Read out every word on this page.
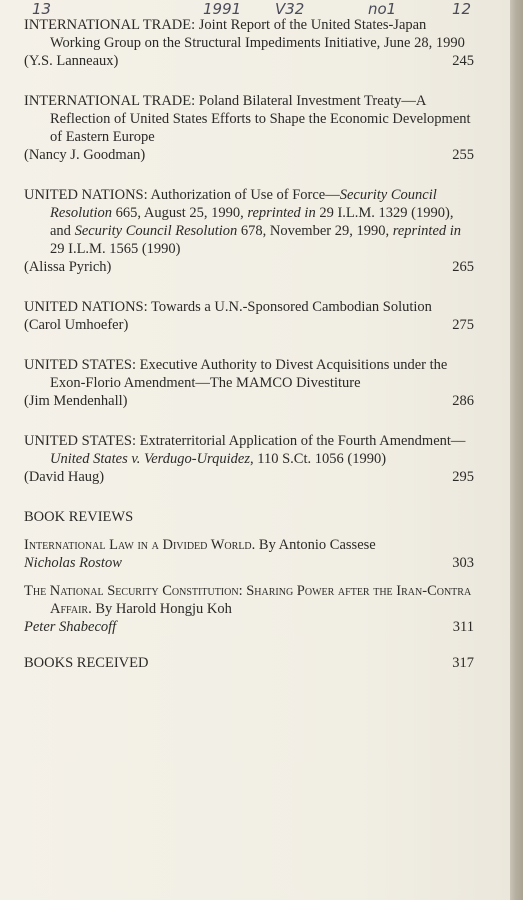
13	1991 V32	no1	12
INTERNATIONAL TRADE: Joint Report of the United States-Japan Working Group on the Structural Impediments Initiative, June 28, 1990
(Y.S. Lanneaux)	245
INTERNATIONAL TRADE: Poland Bilateral Investment Treaty—A Reflection of United States Efforts to Shape the Economic Development of Eastern Europe
(Nancy J. Goodman)	255
UNITED NATIONS: Authorization of Use of Force—Security Council Resolution 665, August 25, 1990, reprinted in 29 I.L.M. 1329 (1990), and Security Council Resolution 678, November 29, 1990, reprinted in 29 I.L.M. 1565 (1990)
(Alissa Pyrich)	265
UNITED NATIONS: Towards a U.N.-Sponsored Cambodian Solution
(Carol Umhoefer)	275
UNITED STATES: Executive Authority to Divest Acquisitions under the Exon-Florio Amendment—The MAMCO Divestiture
(Jim Mendenhall)	286
UNITED STATES: Extraterritorial Application of the Fourth Amendment—United States v. Verdugo-Urquidez, 110 S.Ct. 1056 (1990)
(David Haug)	295
BOOK REVIEWS
International Law in a Divided World. By Antonio Cassese
Nicholas Rostow	303
The National Security Constitution: Sharing Power after the Iran-Contra Affair. By Harold Hongju Koh
Peter Shabecoff	311
BOOKS RECEIVED	317
